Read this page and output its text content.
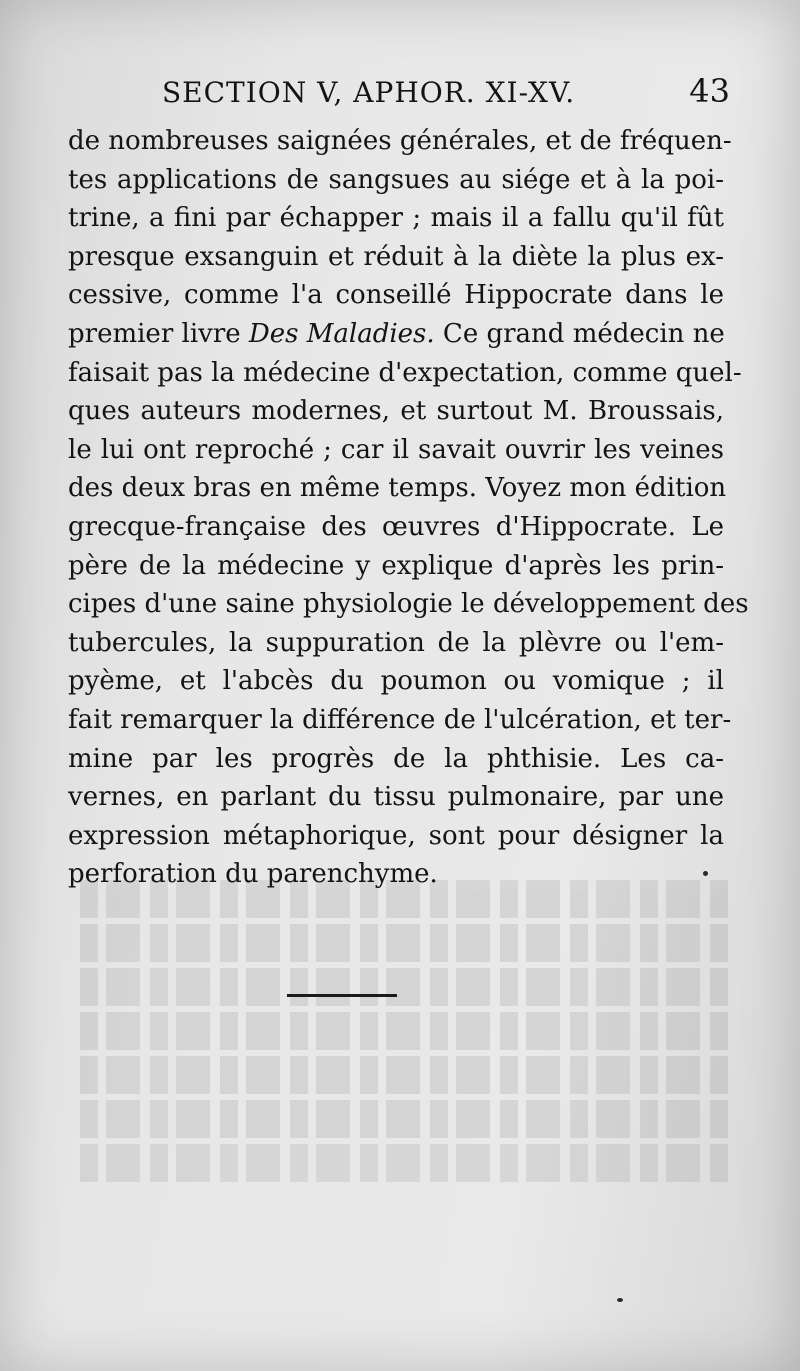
SECTION V, APHOR. XI-XV.	43
de nombreuses saignées générales, et de fréquen-
tes applications de sangsues au siége et à la poi-
trine, a fini par échapper ; mais il a fallu qu'il fût
presque exsanguin et réduit à la diète la plus ex-
cessive, comme l'a conseillé Hippocrate dans le
premier livre Des Maladies. Ce grand médecin ne
faisait pas la médecine d'expectation, comme quel-
ques auteurs modernes, et surtout M. Broussais,
le lui ont reproché ; car il savait ouvrir les veines
des deux bras en même temps. Voyez mon édition
grecque-française des œuvres d'Hippocrate. Le
père de la médecine y explique d'après les prin-
cipes d'une saine physiologie le développement des
tubercules, la suppuration de la plèvre ou l'em-
pyème, et l'abcès du poumon ou vomique ; il
fait remarquer la différence de l'ulcération, et ter-
mine par les progrès de la phthisie. Les ca-
vernes, en parlant du tissu pulmonaire, par une
expression métaphorique, sont pour désigner la
perforation du parenchyme.
